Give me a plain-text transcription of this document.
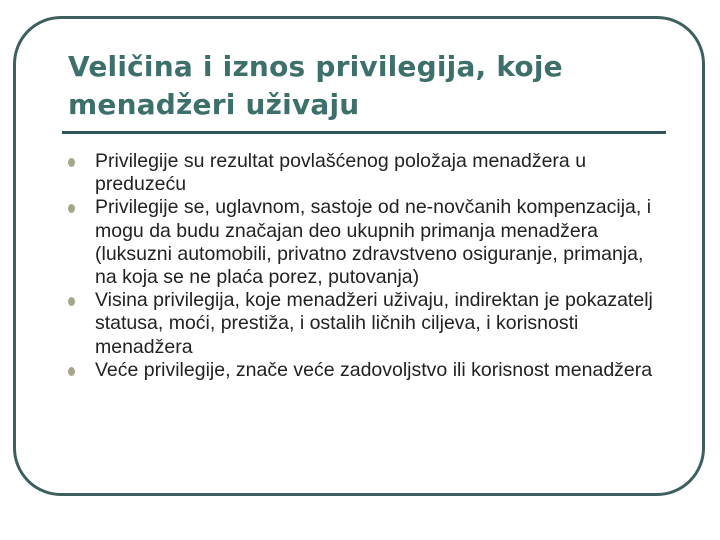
Veličina i iznos privilegija, koje menadžeri uživaju
Privilegije su rezultat povlašćenog položaja menadžera u preduzeću
Privilegije se, uglavnom, sastoje od ne-novčanih kompenzacija, i mogu da budu značajan deo ukupnih primanja menadžera (luksuzni automobili, privatno zdravstveno osiguranje, primanja, na koja se ne plaća porez, putovanja)
Visina privilegija, koje menadžeri uživaju, indirektan je pokazatelj statusa, moći, prestiža, i ostalih ličnih ciljeva, i korisnosti menadžera
Veće privilegije, znače veće zadovoljstvo ili korisnost menadžera
